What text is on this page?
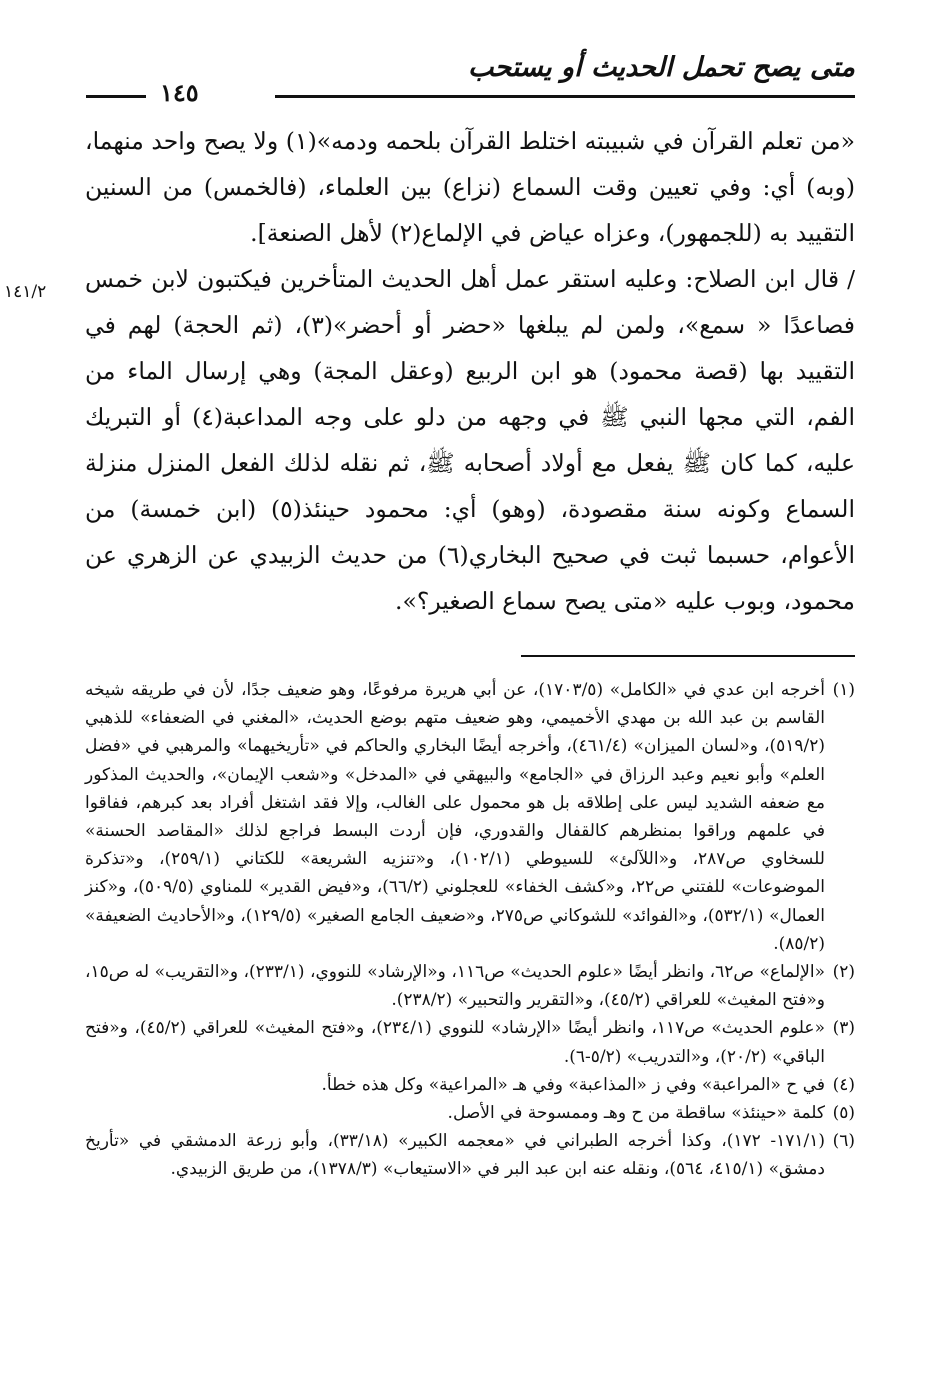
متى يصح تحمل الحديث أو يستحب
١٤٥
١٤١/٢

«من تعلم القرآن في شبيبته اختلط القرآن بلحمه ودمه»(١) ولا يصح واحد منهما، (وبه) أي: وفي تعيين وقت السماع (نزاع) بين العلماء، (فالخمس) من السنين التقييد به (للجمهور)، وعزاه عياض في الإلماع(٢) لأهل الصنعة].

/ قال ابن الصلاح: وعليه استقر عمل أهل الحديث المتأخرين فيكتبون لابن خمس فصاعدًا « سمع»، ولمن لم يبلغها «حضر أو أحضر»(٣)، (ثم الحجة) لهم في التقييد بها (قصة محمود) هو ابن الربيع (وعقل المجة) وهي إرسال الماء من الفم، التي مجها النبي ﷺ في وجهه من دلو على وجه المداعبة(٤) أو التبريك عليه، كما كان ﷺ يفعل مع أولاد أصحابه ﷺ، ثم نقله لذلك الفعل المنزل منزلة السماع وكونه سنة مقصودة، (وهو) أي: محمود حينئذ(٥) (ابن خمسة) من الأعوام، حسبما ثبت في صحيح البخاري(٦) من حديث الزبيدي عن الزهري عن محمود، وبوب عليه «متى يصح سماع الصغير؟».

(١)
أخرجه ابن عدي في «الكامل» (١٧٠٣/٥)، عن أبي هريرة مرفوعًا، وهو ضعيف جدًا، لأن في طريقه شيخه القاسم بن عبد الله بن مهدي الأخميمي، وهو ضعيف متهم بوضع الحديث، «المغني في الضعفاء» للذهبي (٥١٩/٢)، و«لسان الميزان» (٤٦١/٤)، وأخرجه أيضًا البخاري والحاكم في «تأريخيهما» والمرهبي في «فضل العلم» وأبو نعيم وعبد الرزاق في «الجامع» والبيهقي في «المدخل» و«شعب الإيمان»، والحديث المذكور مع ضعفه الشديد ليس على إطلاقه بل هو محمول على الغالب، وإلا فقد اشتغل أفراد بعد كبرهم، ففاقوا في علمهم وراقوا بمنظرهم كالقفال والقدوري، فإن أردت البسط فراجع لذلك «المقاصد الحسنة» للسخاوي ص٢٨٧، و«اللآلئ» للسيوطي (١٠٢/١)، و«تنزيه الشريعة» للكتاني (٢٥٩/١)، و«تذكرة الموضوعات» للفتني ص٢٢، و«كشف الخفاء» للعجلوني (٦٦/٢)، و«فيض القدير» للمناوي (٥٠٩/٥)، و«كنز العمال» (٥٣٢/١)، و«الفوائد» للشوكاني ص٢٧٥، و«ضعيف الجامع الصغير» (١٢٩/٥)، و«الأحاديث الضعيفة» (٨٥/٢).
(٢)
«الإلماع» ص٦٢، وانظر أيضًا «علوم الحديث» ص١١٦، و«الإرشاد» للنووي، (٢٣٣/١)، و«التقريب» له ص١٥، و«فتح المغيث» للعراقي (٤٥/٢)، و«التقرير والتحبير» (٢٣٨/٢).
(٣)
«علوم الحديث» ص١١٧، وانظر أيضًا «الإرشاد» للنووي (٢٣٤/١)، و«فتح المغيث» للعراقي (٤٥/٢)، و«فتح الباقي» (٢٠/٢)، و«التدريب» (٥/٢-٦).
(٤)
في ح «المراعبة» وفي ز «المذاعبة» وفي هـ «المراعية» وكل هذه خطأ.
(٥)
كلمة «حينئذ» ساقطة من ح وهـ وممسوحة في الأصل.
(٦)
(١٧١/١- ١٧٢)، وكذا أخرجه الطبراني في «معجمه الكبير» (٣٣/١٨)، وأبو زرعة الدمشقي في «تأريخ دمشق» (٤١٥/١، ٥٦٤)، ونقله عنه ابن عبد البر في «الاستيعاب» (١٣٧٨/٣)، من طريق الزبيدي.
